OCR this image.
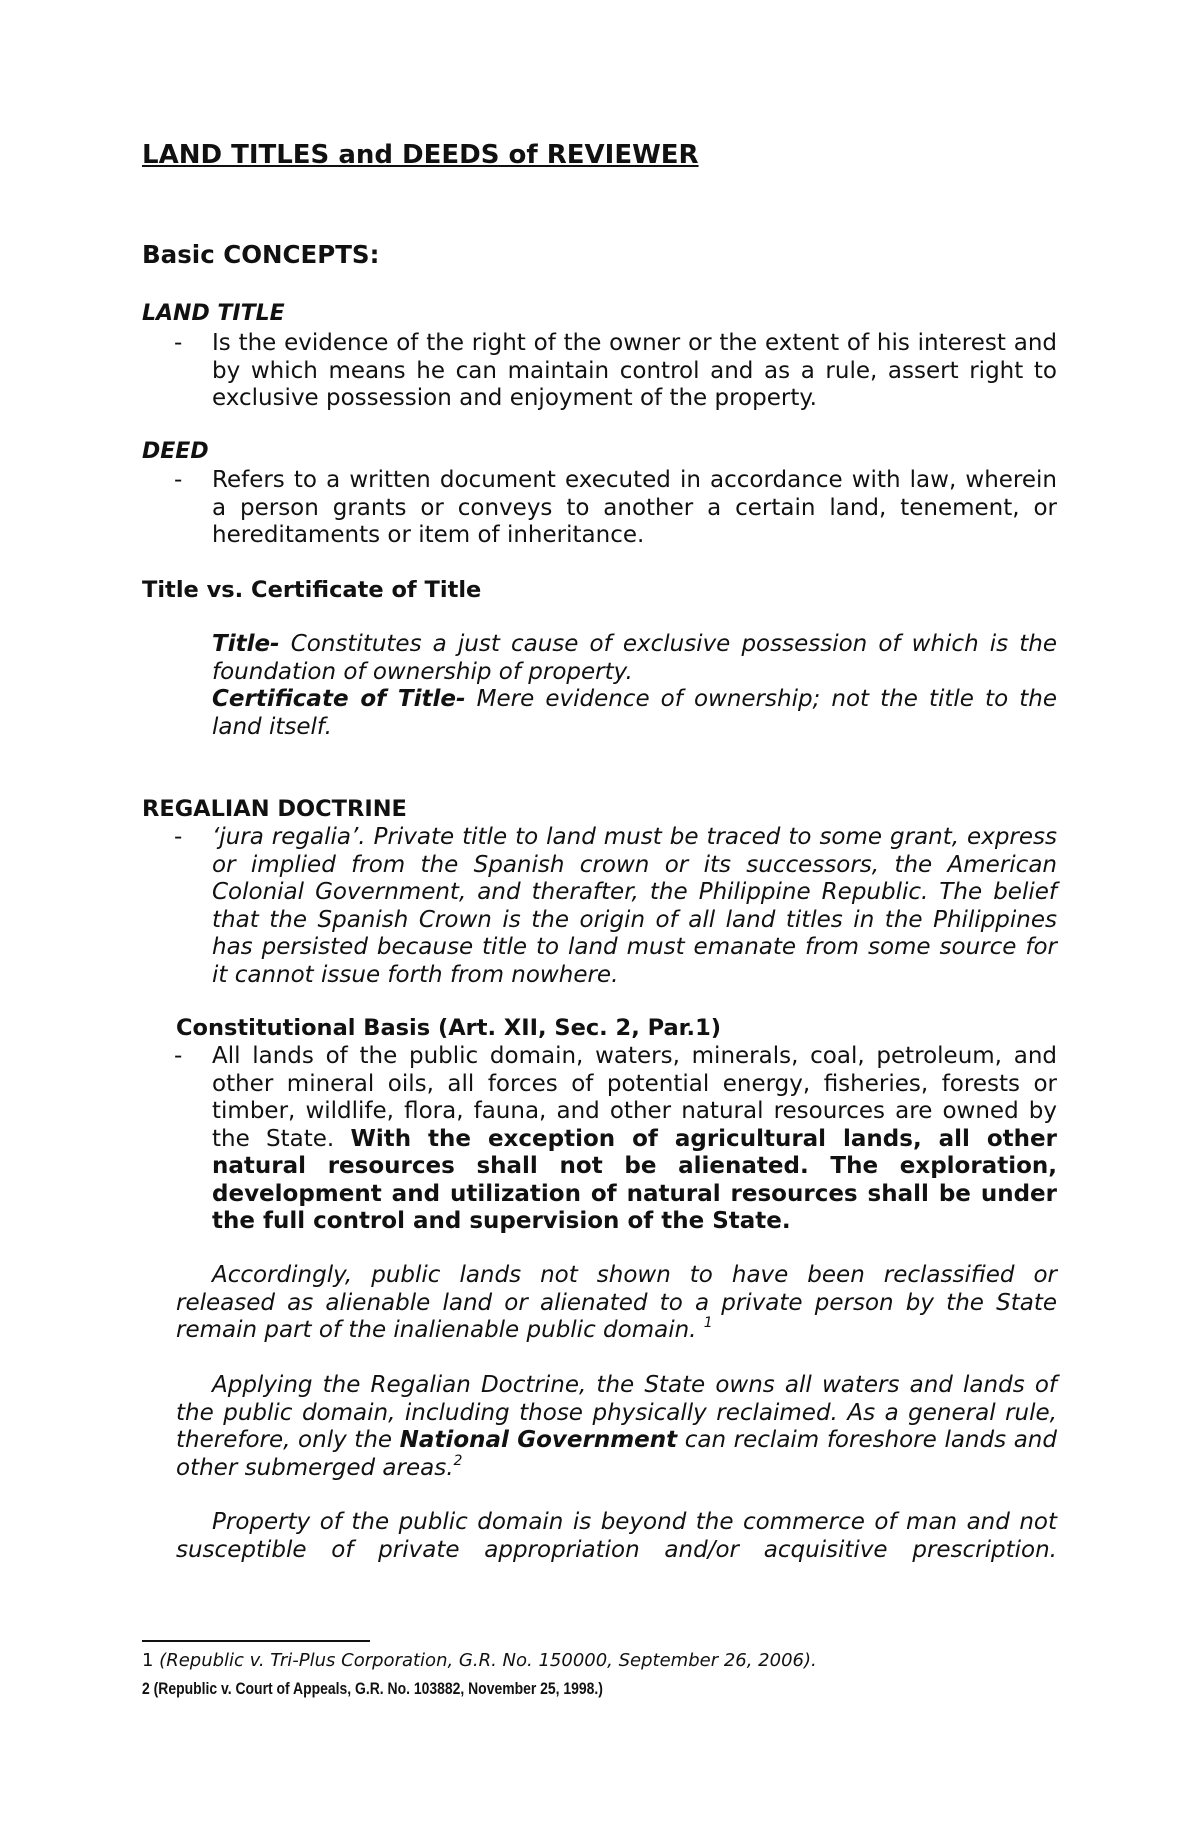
LAND TITLES and DEEDS of REVIEWER

Basic CONCEPTS:

LAND TITLE

- Is the evidence of the right of the owner or the extent of his interest and by which means he can maintain control and as a rule, assert right to exclusive possession and enjoyment of the property.

DEED

- Refers to a written document executed in accordance with law, wherein a person grants or conveys to another a certain land, tenement, or hereditaments or item of inheritance.

Title vs. Certificate of Title

Title- Constitutes a just cause of exclusive possession of which is the foundation of ownership of property.

Certificate of Title- Mere evidence of ownership; not the title to the land itself.

REGALIAN DOCTRINE

- ‘jura regalia’. Private title to land must be traced to some grant, express or implied from the Spanish crown or its successors, the American Colonial Government, and therafter, the Philippine Republic. The belief that the Spanish Crown is the origin of all land titles in the Philippines has persisted because title to land must emanate from some source for it cannot issue forth from nowhere.

Constitutional Basis (Art. XII, Sec. 2, Par.1)

- All lands of the public domain, waters, minerals, coal, petroleum, and other mineral oils, all forces of potential energy, fisheries, forests or timber, wildlife, flora, fauna, and other natural resources are owned by the State. With the exception of agricultural lands, all other natural resources shall not be alienated. The exploration, development and utilization of natural resources shall be under the full control and supervision of the State.

Accordingly, public lands not shown to have been reclassified or released as alienable land or alienated to a private person by the State remain part of the inalienable public domain. $^1$

Applying the Regalian Doctrine, the State owns all waters and lands of the public domain, including those physically reclaimed. As a general rule, therefore, only the National Government can reclaim foreshore lands and other submerged areas.$^2$

Property of the public domain is beyond the commerce of man and not susceptible of private appropriation and/or acquisitive prescription.

1 (Republic v. Tri-Plus Corporation, G.R. No. 150000, September 26, 2006).

2 (Republic v. Court of Appeals, G.R. No. 103882, November 25, 1998.)
